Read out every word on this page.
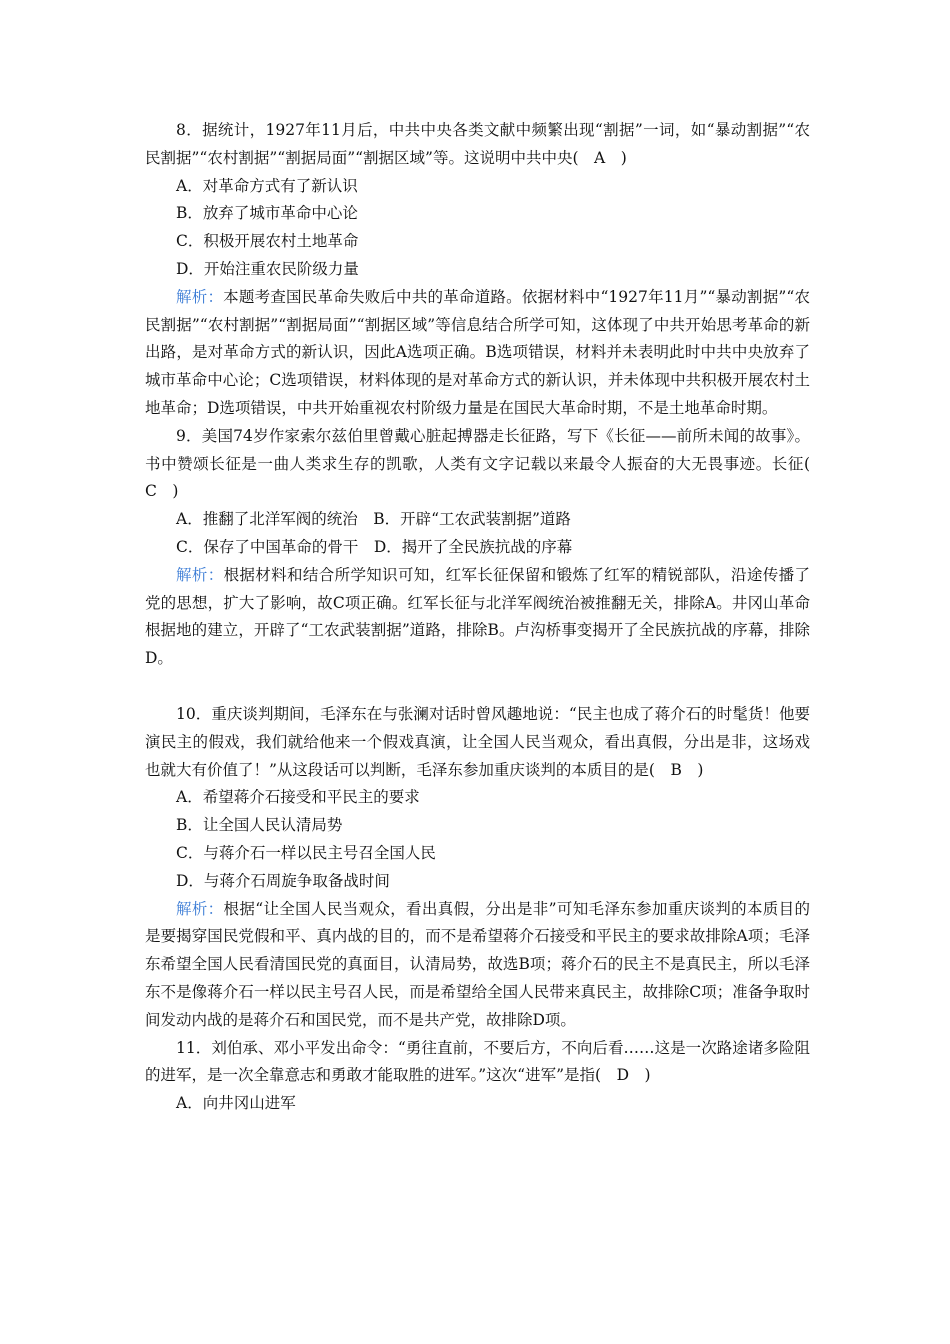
8．据统计，1927年11月后，中共中央各类文献中频繁出现“割据”一词，如“暴动割据”“农民割据”“农村割据”“割据局面”“割据区域”等。这说明中共中央(　A　)

A．对革命方式有了新认识

B．放弃了城市革命中心论

C．积极开展农村土地革命

D．开始注重农民阶级力量

解析：本题考查国民革命失败后中共的革命道路。依据材料中“1927年11月”“暴动割据”“农民割据”“农村割据”“割据局面”“割据区域”等信息结合所学可知，这体现了中共开始思考革命的新出路，是对革命方式的新认识，因此A选项正确。B选项错误，材料并未表明此时中共中央放弃了城市革命中心论；C选项错误，材料体现的是对革命方式的新认识，并未体现中共积极开展农村土地革命；D选项错误，中共开始重视农村阶级力量是在国民大革命时期，不是土地革命时期。

9．美国74岁作家索尔兹伯里曾戴心脏起搏器走长征路，写下《长征——前所未闻的故事》。书中赞颂长征是一曲人类求生存的凯歌，人类有文字记载以来最令人振奋的大无畏事迹。长征(　C　)

A．推翻了北洋军阀的统治　B．开辟“工农武装割据”道路

C．保存了中国革命的骨干　D．揭开了全民族抗战的序幕

解析：根据材料和结合所学知识可知，红军长征保留和锻炼了红军的精锐部队，沿途传播了党的思想，扩大了影响，故C项正确。红军长征与北洋军阀统治被推翻无关，排除A。井冈山革命根据地的建立，开辟了“工农武装割据”道路，排除B。卢沟桥事变揭开了全民族抗战的序幕，排除D。

10．重庆谈判期间，毛泽东在与张澜对话时曾风趣地说：“民主也成了蒋介石的时髦货！他要演民主的假戏，我们就给他来一个假戏真演，让全国人民当观众，看出真假，分出是非，这场戏也就大有价值了！”从这段话可以判断，毛泽东参加重庆谈判的本质目的是(　B　)

A．希望蒋介石接受和平民主的要求

B．让全国人民认清局势

C．与蒋介石一样以民主号召全国人民

D．与蒋介石周旋争取备战时间

解析：根据“让全国人民当观众，看出真假，分出是非”可知毛泽东参加重庆谈判的本质目的是要揭穿国民党假和平、真内战的目的，而不是希望蒋介石接受和平民主的要求故排除A项；毛泽东希望全国人民看清国民党的真面目，认清局势，故选B项；蒋介石的民主不是真民主，所以毛泽东不是像蒋介石一样以民主号召人民，而是希望给全国人民带来真民主，故排除C项；准备争取时间发动内战的是蒋介石和国民党，而不是共产党，故排除D项。

11．刘伯承、邓小平发出命令：“勇往直前，不要后方，不向后看……这是一次路途诸多险阻的进军，是一次全靠意志和勇敢才能取胜的进军。”这次“进军”是指(　D　)

A．向井冈山进军
